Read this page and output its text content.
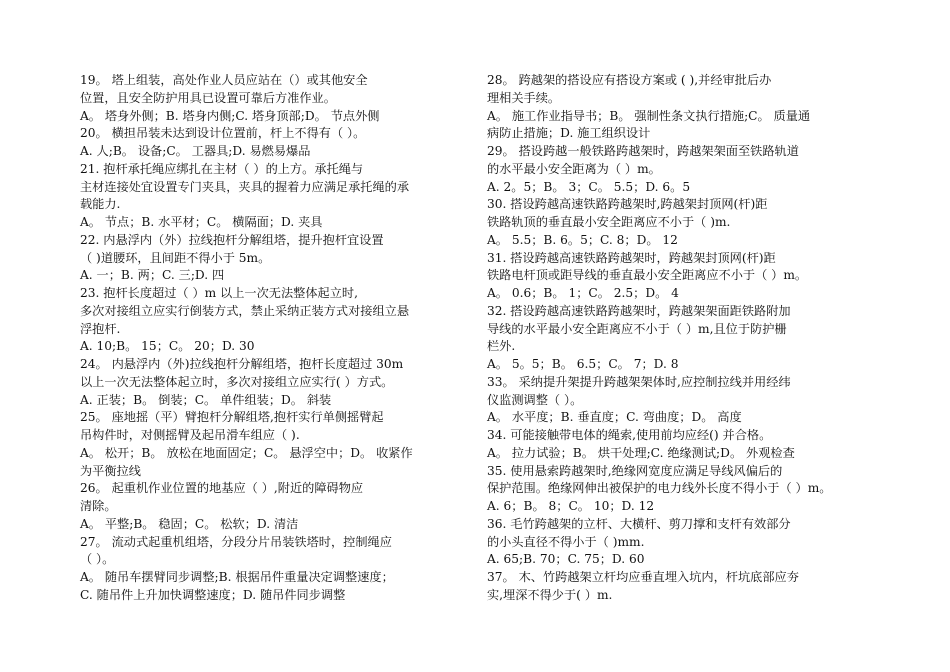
19。 塔上组装，高处作业人员应站在（）或其他安全
位置，且安全防护用具已设置可靠后方准作业。
A。 塔身外侧；B. 塔身内侧;C. 塔身顶部;D。 节点外侧
20。 横担吊装未达到设计位置前，杆上不得有（ ）。
A. 人;B。 设备;C。 工器具;D. 易燃易爆品
21. 抱杆承托绳应绑扎在主材（ ）的上方。承托绳与
主材连接处宜设置专门夹具，夹具的握着力应满足承托绳的承
载能力.
A。 节点；B. 水平材；C。 横隔面；D. 夹具
22. 内悬浮内（外）拉线抱杆分解组塔，提升抱杆宜设置
（ )道腰环，且间距不得小于 5m。
A. 一；B. 两；C. 三;D. 四
23. 抱杆长度超过（ ）m 以上一次无法整体起立时,
多次对接组立应实行倒装方式，禁止采纳正装方式对接组立悬
浮抱杆.
A. 10;B。 15；C。 20；D. 30
24。 内悬浮内（外)拉线抱杆分解组塔，抱杆长度超过 30m
以上一次无法整体起立时，多次对接组立应实行( ）方式。
A. 正装；B。 倒装；C。 单件组装；D。 斜装
25。 座地摇（平）臂抱杆分解组塔,抱杆实行单侧摇臂起
吊构件时，对侧摇臂及起吊滑车组应（ ).
A。 松开；B。 放松在地面固定；C。 悬浮空中；D。 收紧作
为平衡拉线
26。 起重机作业位置的地基应（ ）,附近的障碍物应
清除。
A。 平整;B。 稳固；C。 松软；D. 清洁
27。 流动式起重机组塔，分段分片吊装铁塔时，控制绳应
（ ）。
A。 随吊车摆臂同步调整;B. 根据吊件重量决定调整速度；
C. 随吊件上升加快调整速度；D. 随吊件同步调整
28。 跨越架的搭设应有搭设方案或 ( ),并经审批后办
理相关手续。
A。 施工作业指导书；B。 强制性条文执行措施;C。 质量通
病防止措施；D. 施工组织设计
29。 搭设跨越一般铁路跨越架时，跨越架架面至铁路轨道
的水平最小安全距离为（ ）m。
A. 2。5；B。 3；C。 5.5；D. 6。5
30. 搭设跨越高速铁路跨越架时,跨越架封顶网(杆)距
铁路轨顶的垂直最小安全距离应不小于（ )m.
A。 5.5；B. 6。5；C. 8；D。 12
31. 搭设跨越高速铁路跨越架时，跨越架封顶网(杆)距
铁路电杆顶或距导线的垂直最小安全距离应不小于（ ）m。
A。 0.6；B。 1；C。 2.5；D。 4
32. 搭设跨越高速铁路跨越架时，跨越架架面距铁路附加
导线的水平最小安全距离应不小于（ ）m,且位于防护栅
栏外.
A。 5。5；B。 6.5；C。 7；D. 8
33。 采纳提升架提升跨越架架体时,应控制拉线并用经纬
仪监测调整（ ）。
A。 水平度；B. 垂直度；C. 弯曲度；D。 高度
34. 可能接触带电体的绳索,使用前均应经() 并合格。
A。 拉力试验；B。 烘干处理;C. 绝缘测试;D。 外观检查
35. 使用悬索跨越架时,绝缘网宽度应满足导线风偏后的
保护范围。绝缘网伸出被保护的电力线外长度不得小于（ ）m。
A. 6；B。 8；C。 10；D. 12
36. 毛竹跨越架的立杆、大横杆、剪刀撑和支杆有效部分
的小头直径不得小于（ )mm.
A. 65;B. 70；C. 75；D. 60
37。 木、竹跨越架立杆均应垂直埋入坑内，杆坑底部应夯
实,埋深不得少于( ）m.
